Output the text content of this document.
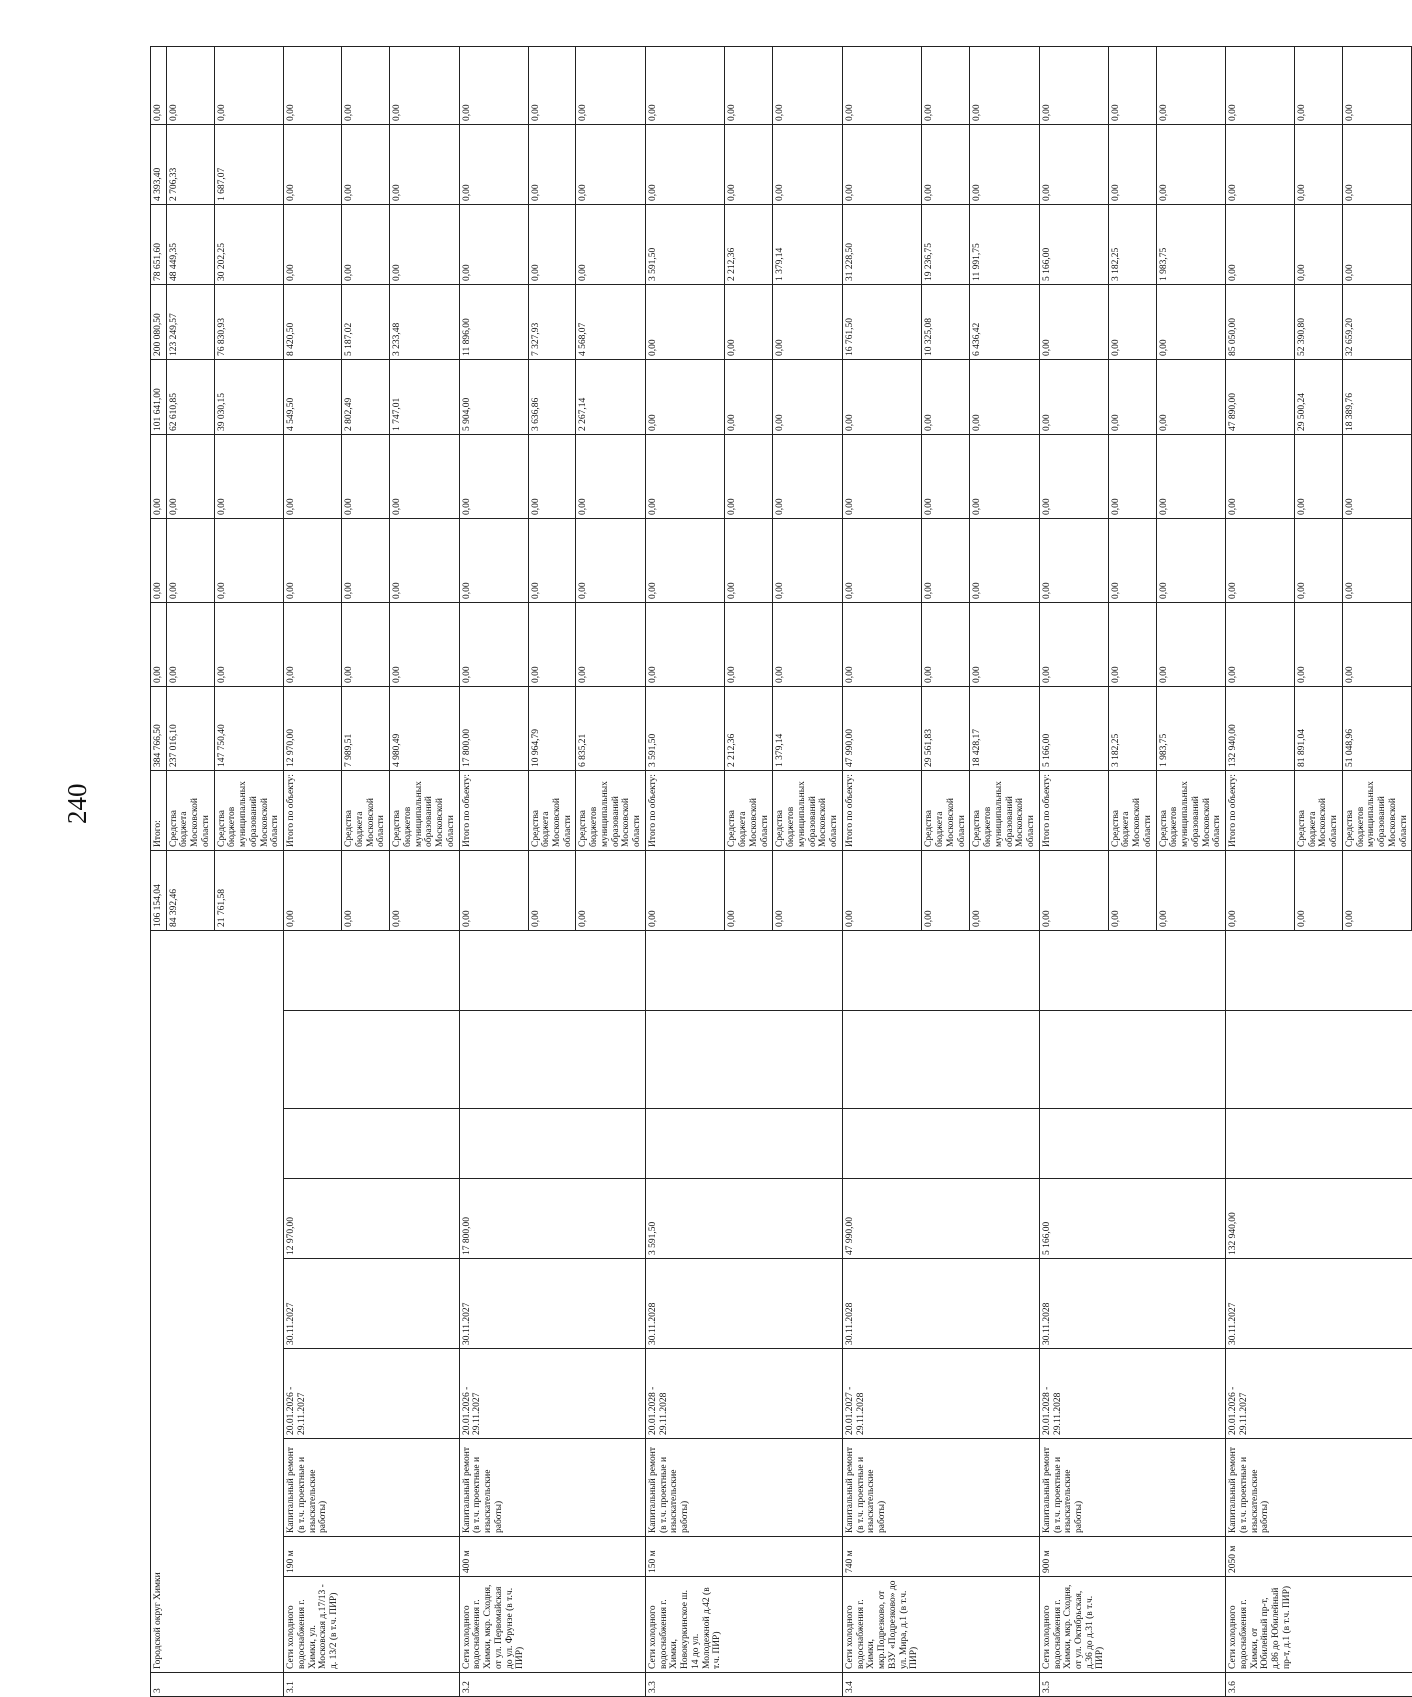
240
3	Городской округ Химки									106 154,04	Итого:	384 766,50	0,00	0,00	0,00	101 641,00	200 080,50	78 651,60	4 393,40	0,00	
										84 392,46	Средства бюджета Московской области	237 016,10	0,00	0,00	0,00	62 610,85	123 249,57	48 449,35	2 706,33	0,00	
										21 761,58	Средства бюджетов муниципальных образований Московской области	147 750,40	0,00	0,00	0,00	39 030,15	76 830,93	30 202,25	1 687,07	0,00	
3.1	Сети холодного водоснабжения г. Химки, ул. Московская д.17/13 - д. 13/2 (в т.ч. ПИР)	190 м	Капитальный ремонт (в т.ч. проектные и изыскательские работы)	20.01.2026 - 29.11.2027	30.11.2027	12 970,00				0,00	Итого по объекту:	12 970,00	0,00	0,00	0,00	4 549,50	8 420,50	0,00	0,00	0,00	
										0,00	Средства бюджета Московской области	7 989,51	0,00	0,00	0,00	2 802,49	5 187,02	0,00	0,00	0,00	
										0,00	Средства бюджетов муниципальных образований Московской области	4 980,49	0,00	0,00	0,00	1 747,01	3 233,48	0,00	0,00	0,00	
3.2	Сети холодного водоснабжения г. Химки, мкр. Сходня, от ул. Первомайская до ул. Фрунзе (в т.ч. ПИР)	400 м	Капитальный ремонт (в т.ч. проектные и изыскательские работы)	20.01.2026 - 29.11.2027	30.11.2027	17 800,00				0,00	Итого по объекту:	17 800,00	0,00	0,00	0,00	5 904,00	11 896,00	0,00	0,00	0,00	
										0,00	Средства бюджета Московской области	10 964,79	0,00	0,00	0,00	3 636,86	7 327,93	0,00	0,00	0,00	
										0,00	Средства бюджетов муниципальных образований Московской области	6 835,21	0,00	0,00	0,00	2 267,14	4 568,07	0,00	0,00	0,00	
3.3	Сети холодного водоснабжения г. Химки, Новокуркинское ш. 14 до ул. Молодежной д.42 (в т.ч. ПИР)	150 м	Капитальный ремонт (в т.ч. проектные и изыскательские работы)	20.01.2028 - 29.11.2028	30.11.2028	3 591,50				0,00	Итого по объекту:	3 591,50	0,00	0,00	0,00	0,00	0,00	3 591,50	0,00	0,00	
										0,00	Средства бюджета Московской области	2 212,36	0,00	0,00	0,00	0,00	0,00	2 212,36	0,00	0,00	
										0,00	Средства бюджетов муниципальных образований Московской области	1 379,14	0,00	0,00	0,00	0,00	0,00	1 379,14	0,00	0,00	
3.4	Сети холодного водоснабжения г. Химки, мкр.Подрезково, от ВЗУ «Подрезково» до ул. Мира, д.1 (в т.ч. ПИР)	740 м	Капитальный ремонт (в т.ч. проектные и изыскательские работы)	20.01.2027 - 29.11.2028	30.11.2028	47 990,00				0,00	Итого по объекту:	47 990,00	0,00	0,00	0,00	0,00	16 761,50	31 228,50	0,00	0,00	
										0,00	Средства бюджета Московской области	29 561,83	0,00	0,00	0,00	0,00	10 325,08	19 236,75	0,00	0,00	
										0,00	Средства бюджетов муниципальных образований Московской области	18 428,17	0,00	0,00	0,00	0,00	6 436,42	11 991,75	0,00	0,00	
3.5	Сети холодного водоснабжения г. Химки, мкр. Сходня, от ул. Октябрьская, д.36 до д.31 (в т.ч. ПИР)	900 м	Капитальный ремонт (в т.ч. проектные и изыскательские работы)	20.01.2028 - 29.11.2028	30.11.2028	5 166,00				0,00	Итого по объекту:	5 166,00	0,00	0,00	0,00	0,00	0,00	5 166,00	0,00	0,00	
										0,00	Средства бюджета Московской области	3 182,25	0,00	0,00	0,00	0,00	0,00	3 182,25	0,00	0,00	
										0,00	Средства бюджетов муниципальных образований Московской области	1 983,75	0,00	0,00	0,00	0,00	0,00	1 983,75	0,00	0,00	
3.6	Сети холодного водоснабжения г. Химки, от Юбилейный пр-т, д.86 до Юбилейный пр-т, д.1 (в т.ч. ПИР)	2050 м	Капитальный ремонт (в т.ч. проектные и изыскательские работы)	20.01.2026 - 29.11.2027	30.11.2027	132 940,00				0,00	Итого по объекту:	132 940,00	0,00	0,00	0,00	47 890,00	85 050,00	0,00	0,00	0,00	
										0,00	Средства бюджета Московской области	81 891,04	0,00	0,00	0,00	29 500,24	52 390,80	0,00	0,00	0,00	
										0,00	Средства бюджетов муниципальных образований Московской области	51 048,96	0,00	0,00	0,00	18 389,76	32 659,20	0,00	0,00	0,00	
